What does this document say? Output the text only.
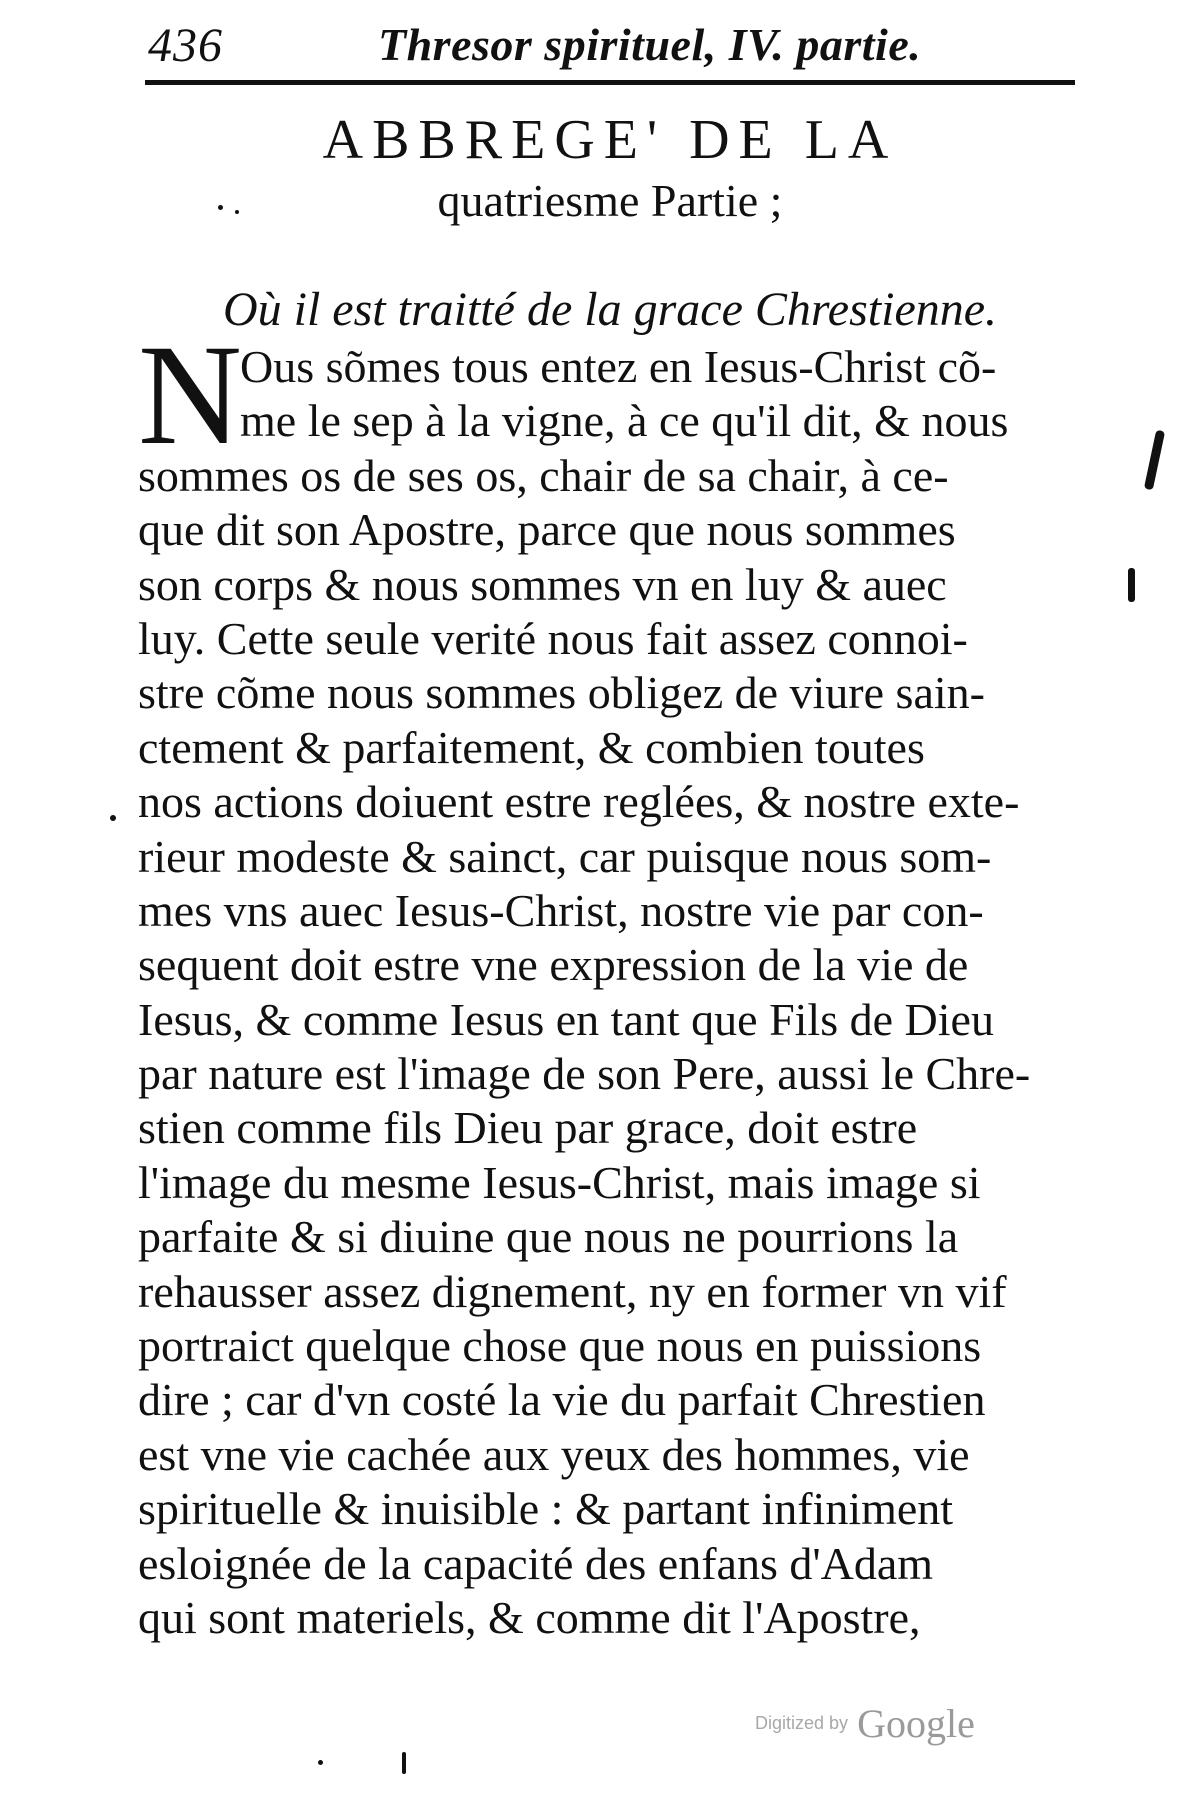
436	Thresor spirituel, IV. partie.
ABBREGE' DE LA
quatriesme Partie ;
Où il est traitté de la grace Chrestienne.
N Ous sõmes tous entez en Iesus-Christ cõ-
me le sep à la vigne, à ce qu'il dit, & nous
sommes os de ses os, chair de sa chair, à ce-
que dit son Apostre, parce que nous sommes
son corps & nous sommes vn en luy & auec
luy. Cette seule verité nous fait assez connoi-
stre cõme nous sommes obligez de viure sain-
ctement & parfaitement, & combien toutes
nos actions doiuent estre reglées, & nostre exte-
rieur modeste & sainct, car puisque nous som-
mes vns auec Iesus-Christ, nostre vie par con-
sequent doit estre vne expression de la vie de
Iesus, & comme Iesus en tant que Fils de Dieu
par nature est l'image de son Pere, aussi le Chre-
stien comme fils Dieu par grace, doit estre
l'image du mesme Iesus-Christ, mais image si
parfaite & si diuine que nous ne pourrions la
rehausser assez dignement, ny en former vn vif
portraict quelque chose que nous en puissions
dire ; car d'vn costé la vie du parfait Chrestien
est vne vie cachée aux yeux des hommes, vie
spirituelle & inuisible : & partant infiniment
esloignée de la capacité des enfans d'Adam
qui sont materiels, & comme dit l'Apostre,
Digitized by Google
